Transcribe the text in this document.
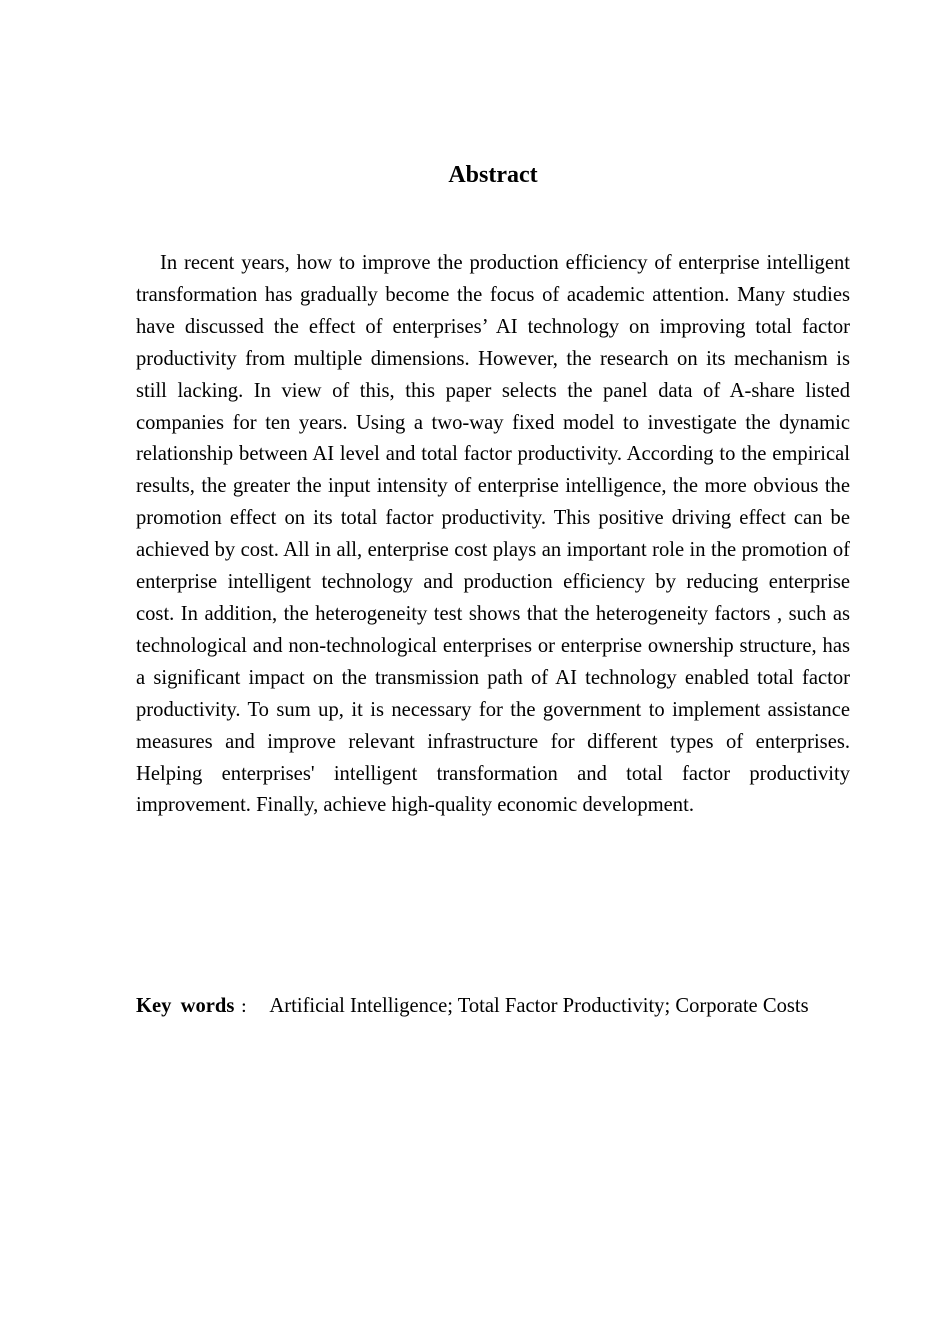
Abstract

In recent years, how to improve the production efficiency of enterprise intelligent transformation has gradually become the focus of academic attention. Many studies have discussed the effect of enterprises’ AI technology on improving total factor productivity from multiple dimensions. However, the research on its mechanism is still lacking. In view of this, this paper selects the panel data of A-share listed companies for ten years. Using a two-way fixed model to investigate the dynamic relationship between AI level and total factor productivity. According to the empirical results, the greater the input intensity of enterprise intelligence, the more obvious the promotion effect on its total factor productivity. This positive driving effect can be achieved by cost. All in all, enterprise cost plays an important role in the promotion of enterprise intelligent technology and production efficiency by reducing enterprise cost. In addition, the heterogeneity test shows that the heterogeneity factors , such as technological and non-technological enterprises or enterprise ownership structure, has a significant impact on the transmission path of AI technology enabled total factor productivity. To sum up, it is necessary for the government to implement assistance measures and improve relevant infrastructure for different types of enterprises. Helping enterprises' intelligent transformation and total factor productivity improvement. Finally, achieve high-quality economic development.

Key words ： Artificial Intelligence; Total Factor Productivity; Corporate Costs
